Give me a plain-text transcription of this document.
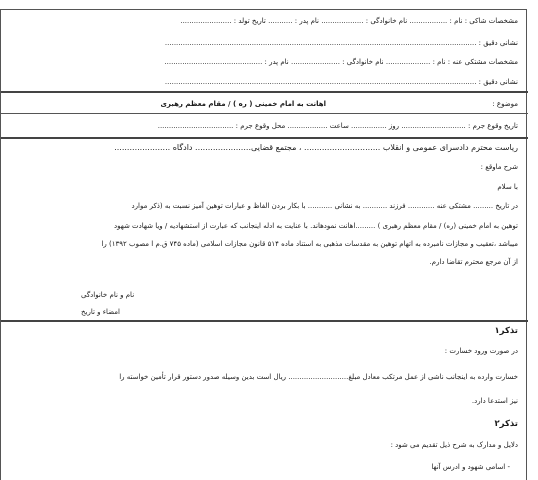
مشخصات شاکی : نام : ................. نام خانوادگی : ................... نام پدر : ........... تاریخ تولد : .......................
نشانی دقیق : ............................................................................................................................................
مشخصات مشتکی عنه : نام : .................... نام خانوادگی : ...................... نام پدر : ............................................
نشانی دقیق : ............................................................................................................................................
موضوع :
اهانت به امام خمینی ( ره ) / مقام معظم رهبری
تاریخ وقوع جرم : ............................. روز ................ ساعت .................. محل وقوع جرم : ..................................
ریاست محترم دادسرای عمومی و انقلاب .............................. ، مجتمع قضایی...................... دادگاه ......................
شرح ماوقع :
با سلام
در تاریخ ......... مشتکی عنه ............ فرزند ........... به نشانی ........... با بکار بردن الفاظ و عبارات توهین آمیز نسبت به (ذکر موارد
توهین به امام خمینی (ره) / مقام معظم رهبری ) .........اهانت نمودهاند. با عنایت به ادله اینجانب که عبارت از استشهادیه / ویا شهادت شهود
میباشد ،تعقیب و مجازات نامبرده به اتهام توهین به مقدسات مذهبی به استناد ماده ۵۱۴ قانون مجازات اسلامی (ماده ۷۴۵ ق.م ا مصوب ۱۳۹۲) را
از آن مرجع محترم تقاضا دارم.
نام و نام خانوادگی
امضاء و تاریخ
تذکر۱
در صورت ورود خسارت :
خسارت وارده به اینجانب ناشی از عمل مرتکب معادل مبلغ........................... ریال است بدین وسیله صدور دستور قرار تأمین خواسته را
نیز استدعا دارد.
تذکر۲
دلایل و مدارک به شرح ذیل تقدیم می شود :
- اسامی شهود و ادرس آنها
